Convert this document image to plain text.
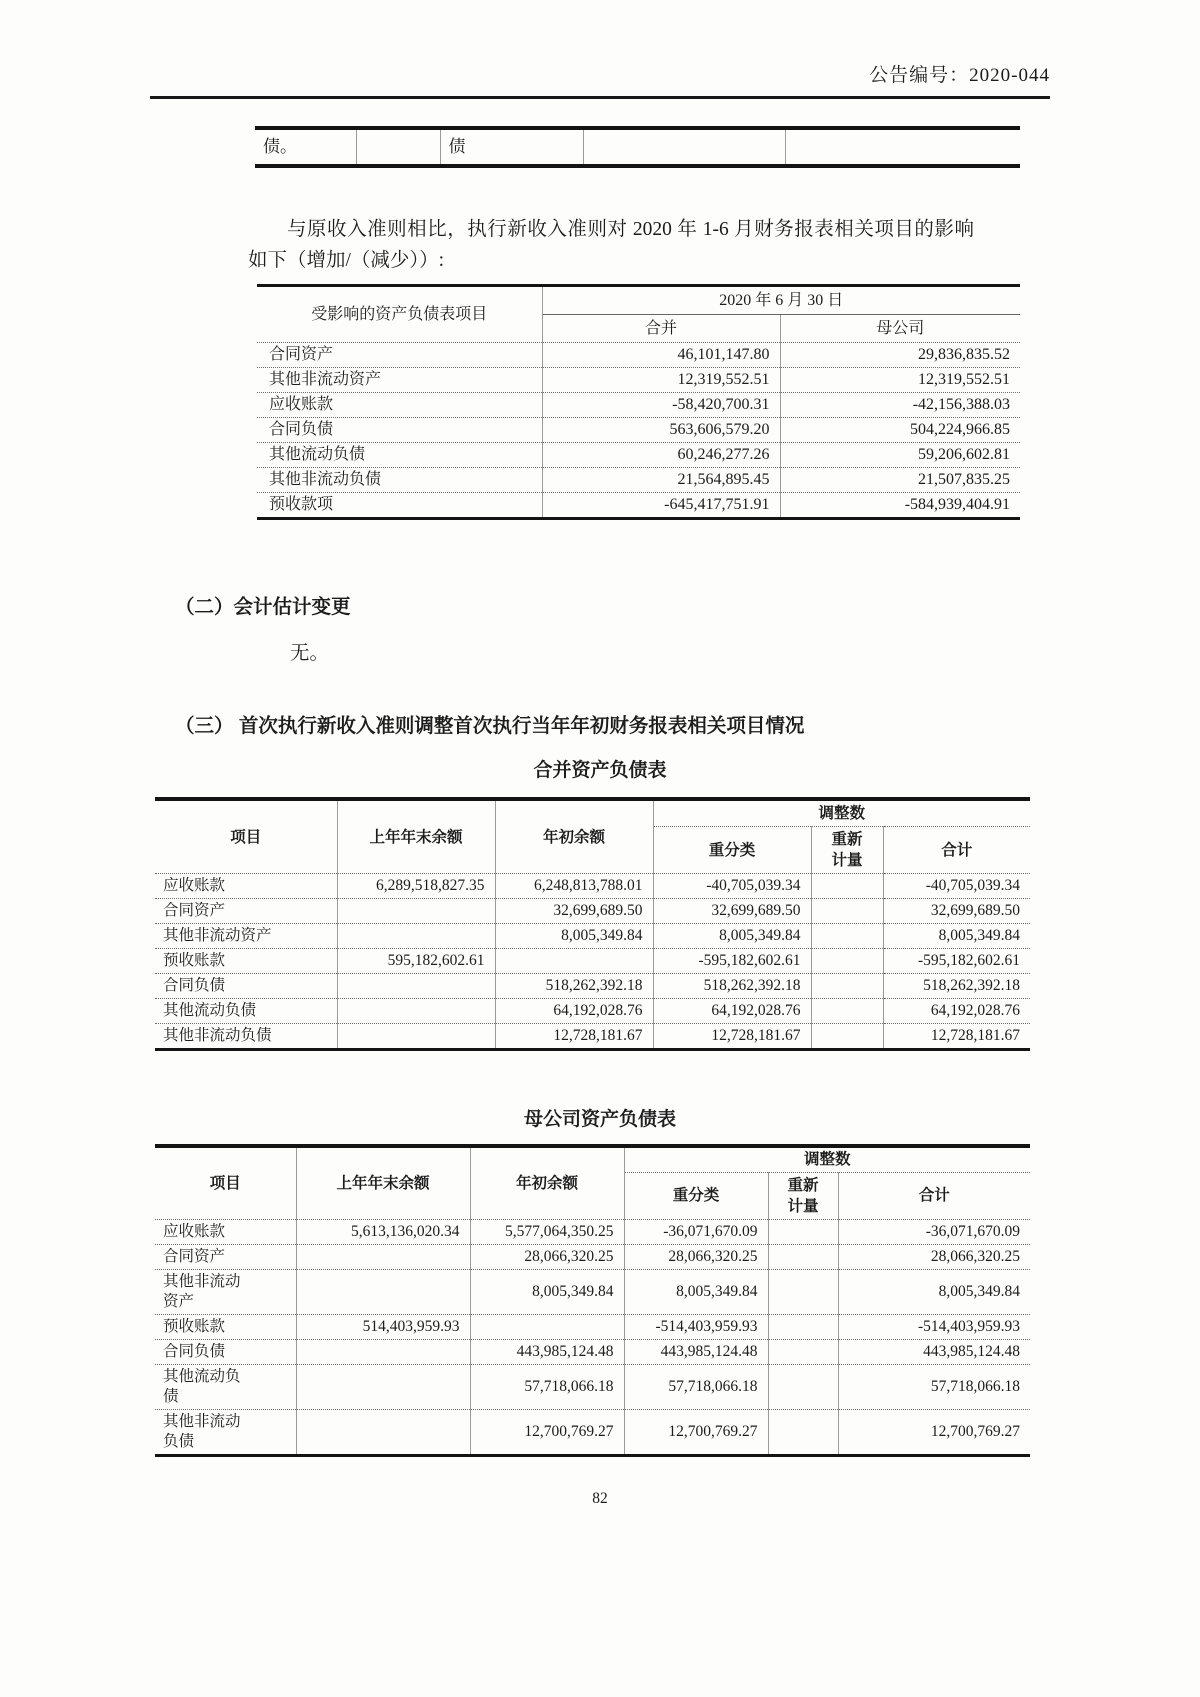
公告编号：2020-044
债。		债		

与原收入准则相比，执行新收入准则对 2020 年 1-6 月财务报表相关项目的影响如下（增加/（减少））:

受影响的资产负债表项目	2020 年 6 月 30 日	
	合并	母公司
合同资产	46,101,147.80	29,836,835.52
其他非流动资产	12,319,552.51	12,319,552.51
应收账款	-58,420,700.31	-42,156,388.03
合同负债	563,606,579.20	504,224,966.85
其他流动负债	60,246,277.26	59,206,602.81
其他非流动负债	21,564,895.45	21,507,835.25
预收款项	-645,417,751.91	-584,939,404.91
（二）会计估计变更

无。

（三） 首次执行新收入准则调整首次执行当年年初财务报表相关项目情况
合并资产负债表
项目	上年年末余额	年初余额	调整数		
			重分类	重新计量	合计
应收账款	6,289,518,827.35	6,248,813,788.01	-40,705,039.34		-40,705,039.34
合同资产		32,699,689.50	32,699,689.50		32,699,689.50
其他非流动资产		8,005,349.84	8,005,349.84		8,005,349.84
预收账款	595,182,602.61		-595,182,602.61		-595,182,602.61
合同负债		518,262,392.18	518,262,392.18		518,262,392.18
其他流动负债		64,192,028.76	64,192,028.76		64,192,028.76
其他非流动负债		12,728,181.67	12,728,181.67		12,728,181.67
母公司资产负债表
项目	上年年末余额	年初余额	调整数		
			重分类	重新计量	合计
应收账款	5,613,136,020.34	5,577,064,350.25	-36,071,670.09		-36,071,670.09
合同资产		28,066,320.25	28,066,320.25		28,066,320.25
其他非流动资产		8,005,349.84	8,005,349.84		8,005,349.84
预收账款	514,403,959.93		-514,403,959.93		-514,403,959.93
合同负债		443,985,124.48	443,985,124.48		443,985,124.48
其他流动负债		57,718,066.18	57,718,066.18		57,718,066.18
其他非流动负债		12,700,769.27	12,700,769.27		12,700,769.27
82
